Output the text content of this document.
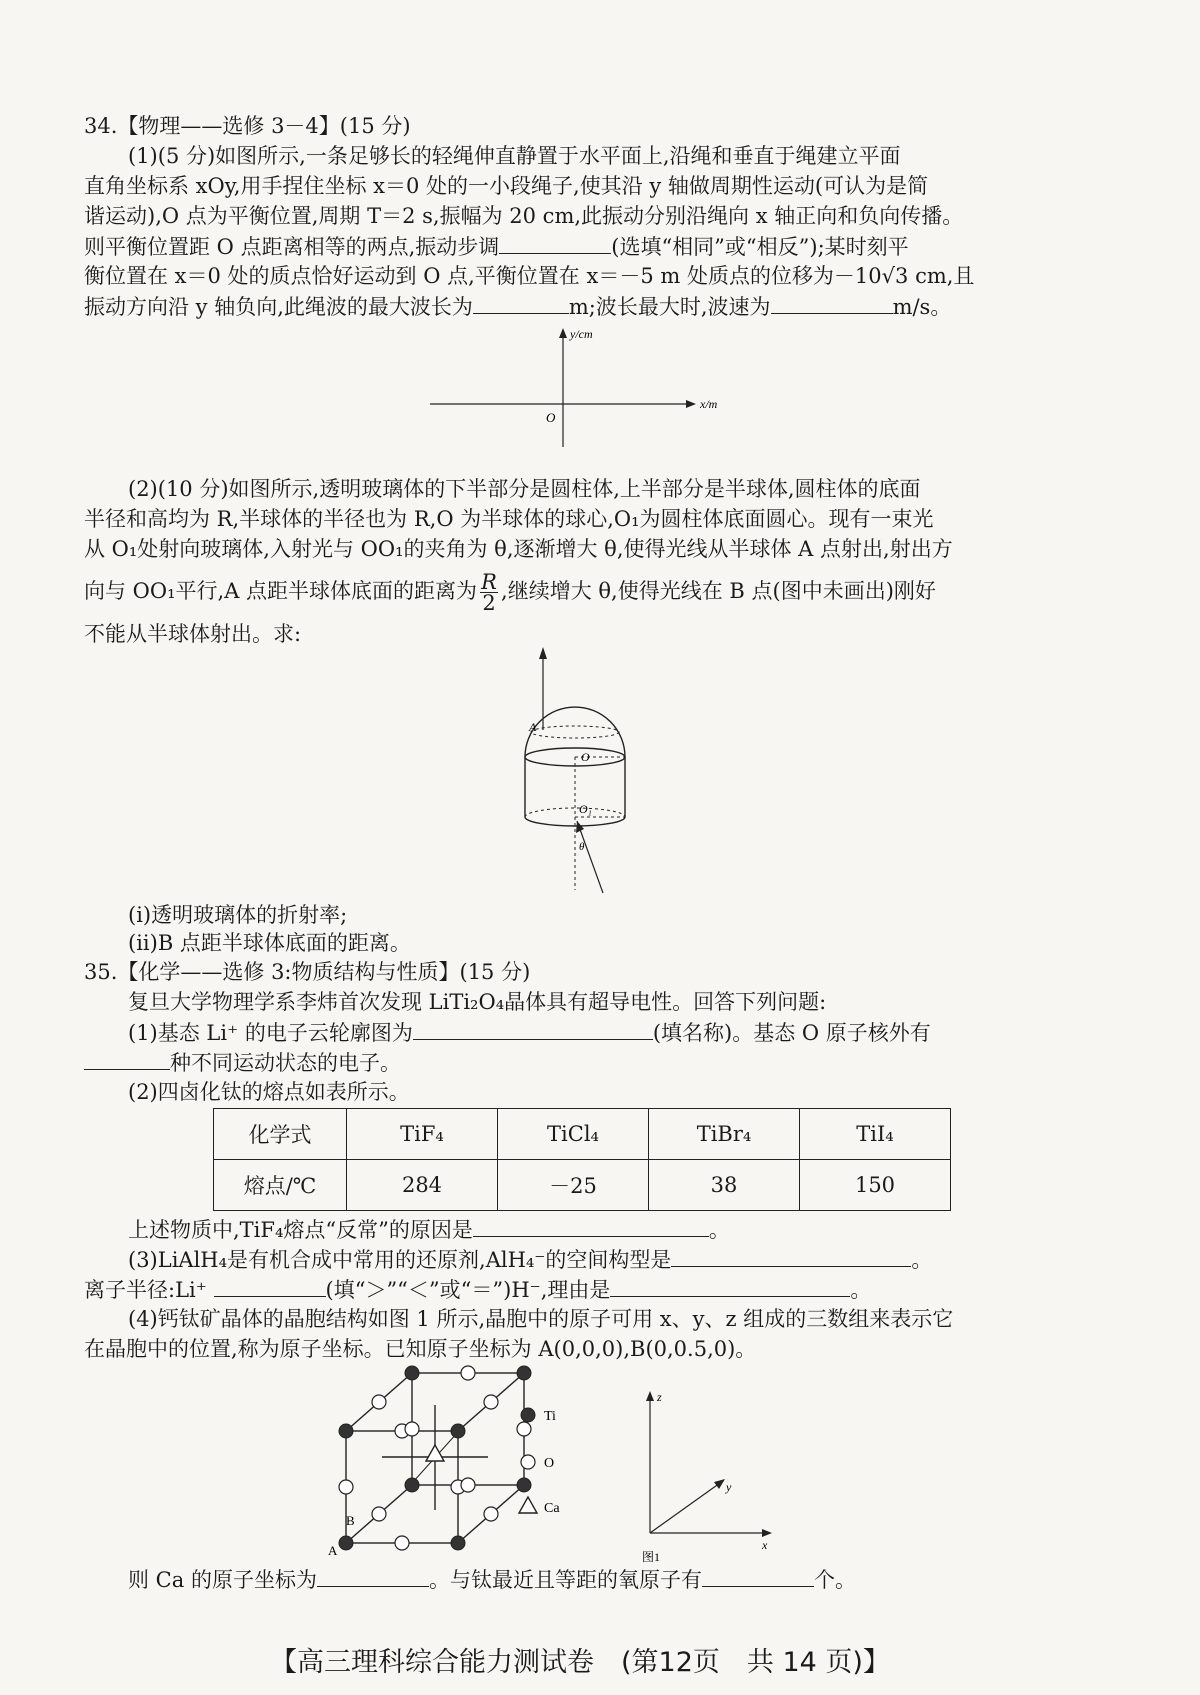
34.【物理——选修 3－4】(15 分)
(1)(5 分)如图所示,一条足够长的轻绳伸直静置于水平面上,沿绳和垂直于绳建立平面
直角坐标系 xOy,用手捏住坐标 x＝0 处的一小段绳子,使其沿 y 轴做周期性运动(可认为是简
谐运动),O 点为平衡位置,周期 T＝2 s,振幅为 20 cm,此振动分别沿绳向 x 轴正向和负向传播。
则平衡位置距 O 点距离相等的两点,振动步调	(选填“相同”或“相反”);某时刻平
衡位置在 x＝0 处的质点恰好运动到 O 点,平衡位置在 x＝－5 m 处质点的位移为－10√3 cm,且
振动方向沿 y 轴负向,此绳波的最大波长为	m;波长最大时,波速为	m/s。
y/cm
x/m
O
(2)(10 分)如图所示,透明玻璃体的下半部分是圆柱体,上半部分是半球体,圆柱体的底面
半径和高均为 R,半球体的半径也为 R,O 为半球体的球心,O₁为圆柱体底面圆心。现有一束光
从 O₁处射向玻璃体,入射光与 OO₁的夹角为 θ,逐渐增大 θ,使得光线从半球体 A 点射出,射出方
向与 OO₁平行,A 点距半球体底面的距离为 $\frac{R}{2}$ ,继续增大 θ,使得光线在 B 点(图中未画出)刚好
不能从半球体射出。求:
A
O
O₁
θ
(i)透明玻璃体的折射率;
(ii)B 点距半球体底面的距离。
35.【化学——选修 3:物质结构与性质】(15 分)
复旦大学物理学系李炜首次发现 LiTi₂O₄晶体具有超导电性。回答下列问题:
(1)基态 Li⁺ 的电子云轮廓图为	(填名称)。基态 O 原子核外有
种不同运动状态的电子。
(2)四卤化钛的熔点如表所示。
化学式	TiF₄	TiCl₄	TiBr₄	TiI₄
熔点/℃	284	－25	38	150
上述物质中,TiF₄熔点“反常”的原因是	。
(3)LiAlH₄是有机合成中常用的还原剂,AlH₄⁻的空间构型是	。
离子半径:Li⁺	(填“＞”“＜”或“＝”)H⁻,理由是	。
(4)钙钛矿晶体的晶胞结构如图 1 所示,晶胞中的原子可用 x、y、z 组成的三数组来表示它
在晶胞中的位置,称为原子坐标。已知原子坐标为 A(0,0,0),B(0,0.5,0)。
A
B
Ti
O
Ca
z
y
x
图1
则 Ca 的原子坐标为	。与钛最近且等距的氧原子有	个。
【高三理科综合能力测试卷　(第12页　共 14 页)】
